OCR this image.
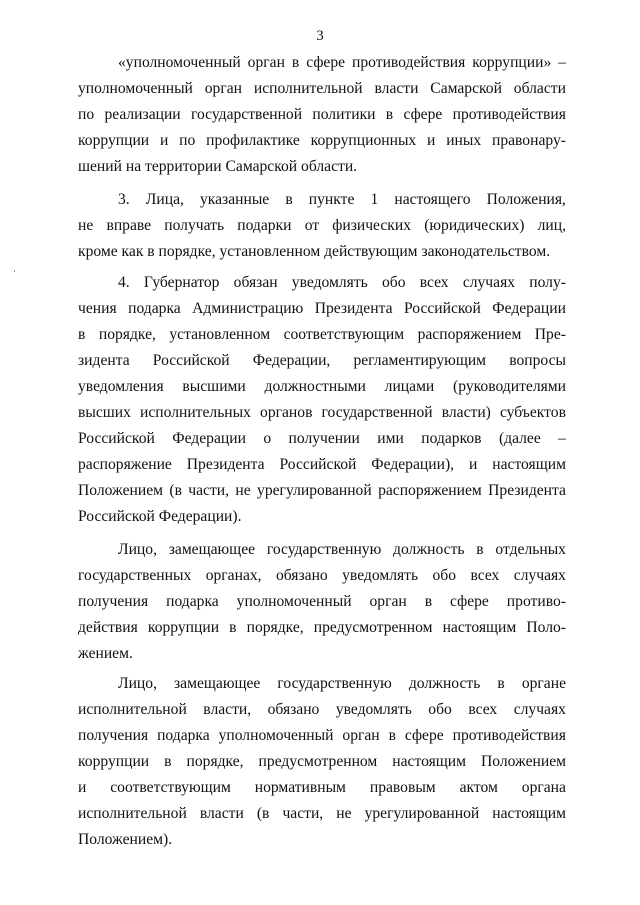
3
«уполномоченный орган в сфере противодействия коррупции» –
уполномоченный орган исполнительной власти Самарской области
по реализации государственной политики в сфере противодействия
коррупции и по профилактике коррупционных и иных правонару-
шений на территории Самарской области.
3. Лица, указанные в пункте 1 настоящего Положения,
не вправе получать подарки от физических (юридических) лиц,
кроме как в порядке, установленном действующим законодательством.
4. Губернатор обязан уведомлять обо всех случаях полу-
чения подарка Администрацию Президента Российской Федерации
в порядке, установленном соответствующим распоряжением Пре-
зидента Российской Федерации, регламентирующим вопросы
уведомления высшими должностными лицами (руководителями
высших исполнительных органов государственной власти) субъектов
Российской Федерации о получении ими подарков (далее –
распоряжение Президента Российской Федерации), и настоящим
Положением (в части, не урегулированной распоряжением Президента
Российской Федерации).
Лицо, замещающее государственную должность в отдельных
государственных органах, обязано уведомлять обо всех случаях
получения подарка уполномоченный орган в сфере противо-
действия коррупции в порядке, предусмотренном настоящим Поло-
жением.
Лицо, замещающее государственную должность в органе
исполнительной власти, обязано уведомлять обо всех случаях
получения подарка уполномоченный орган в сфере противодействия
коррупции в порядке, предусмотренном настоящим Положением
и соответствующим нормативным правовым актом органа
исполнительной власти (в части, не урегулированной настоящим
Положением).
